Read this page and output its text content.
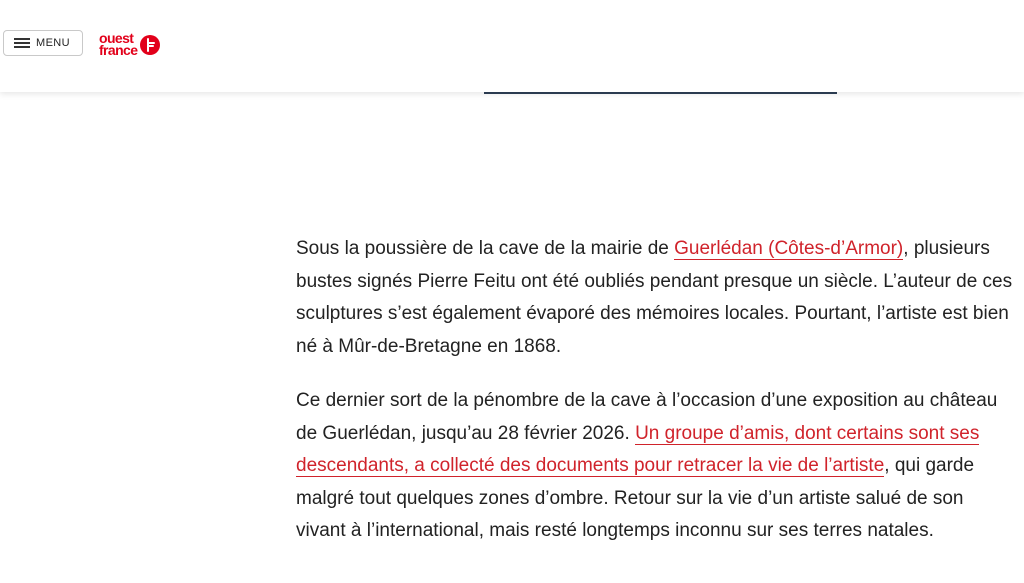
MENU ouest
france

Sous la poussière de la cave de la mairie de Guerlédan (Côtes-d’Armor), plusieurs bustes signés Pierre Feitu ont été oubliés pendant presque un siècle. L’auteur de ces sculptures s’est également évaporé des mémoires locales. Pourtant, l’artiste est bien né à Mûr-de-Bretagne en 1868.

Ce dernier sort de la pénombre de la cave à l’occasion d’une exposition au château de Guerlédan, jusqu’au 28 février 2026. Un groupe d’amis, dont certains sont ses descendants, a collecté des documents pour retracer la vie de l’artiste, qui garde malgré tout quelques zones d’ombre. Retour sur la vie d’un artiste salué de son vivant à l’international, mais resté longtemps inconnu sur ses terres natales.
